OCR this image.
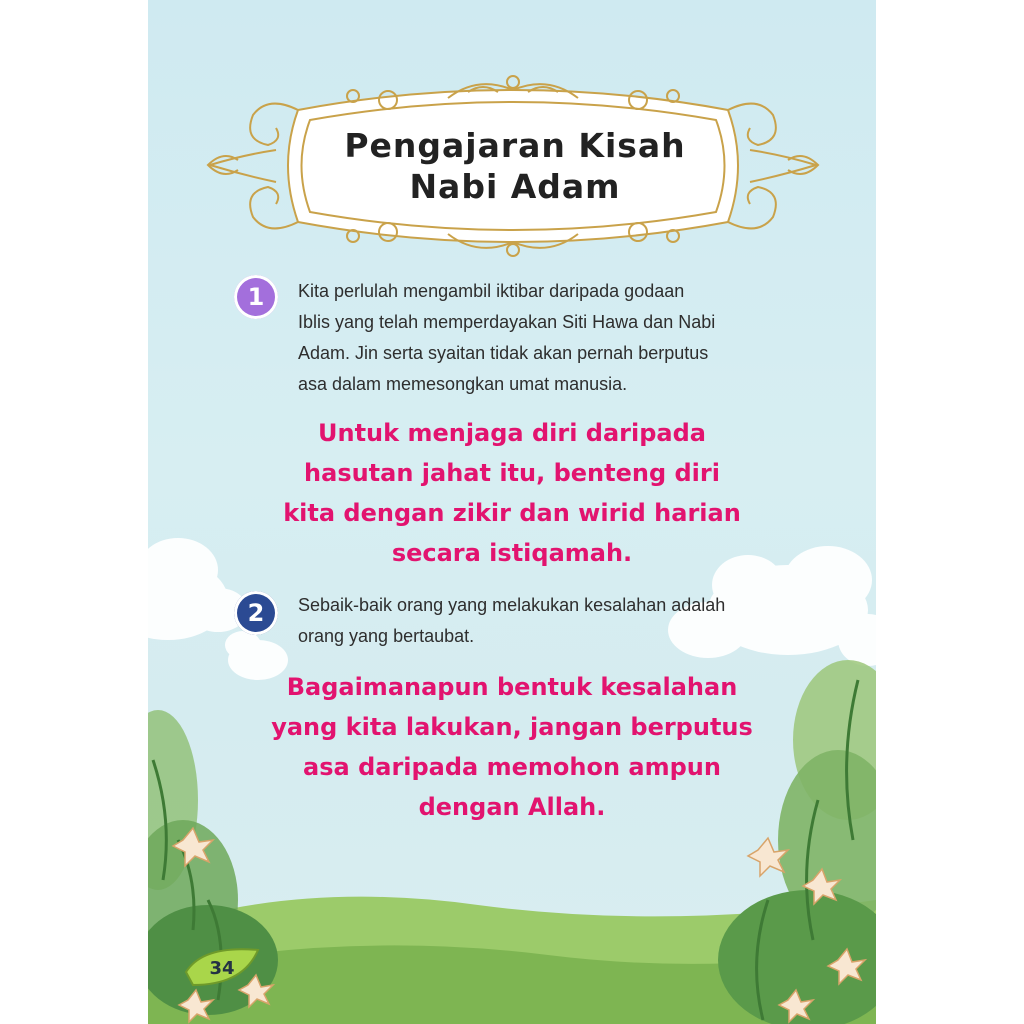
Pengajaran Kisah
Nabi Adam
1	Kita perlulah mengambil iktibar daripada godaan
Iblis yang telah memperdayakan Siti Hawa dan Nabi
Adam. Jin serta syaitan tidak akan pernah berputus
asa dalam memesongkan umat manusia.
Untuk menjaga diri daripada
hasutan jahat itu, benteng diri
kita dengan zikir dan wirid harian
secara istiqamah.
2	Sebaik-baik orang yang melakukan kesalahan adalah
orang yang bertaubat.
Bagaimanapun bentuk kesalahan
yang kita lakukan, jangan berputus
asa daripada memohon ampun
dengan Allah.
34
